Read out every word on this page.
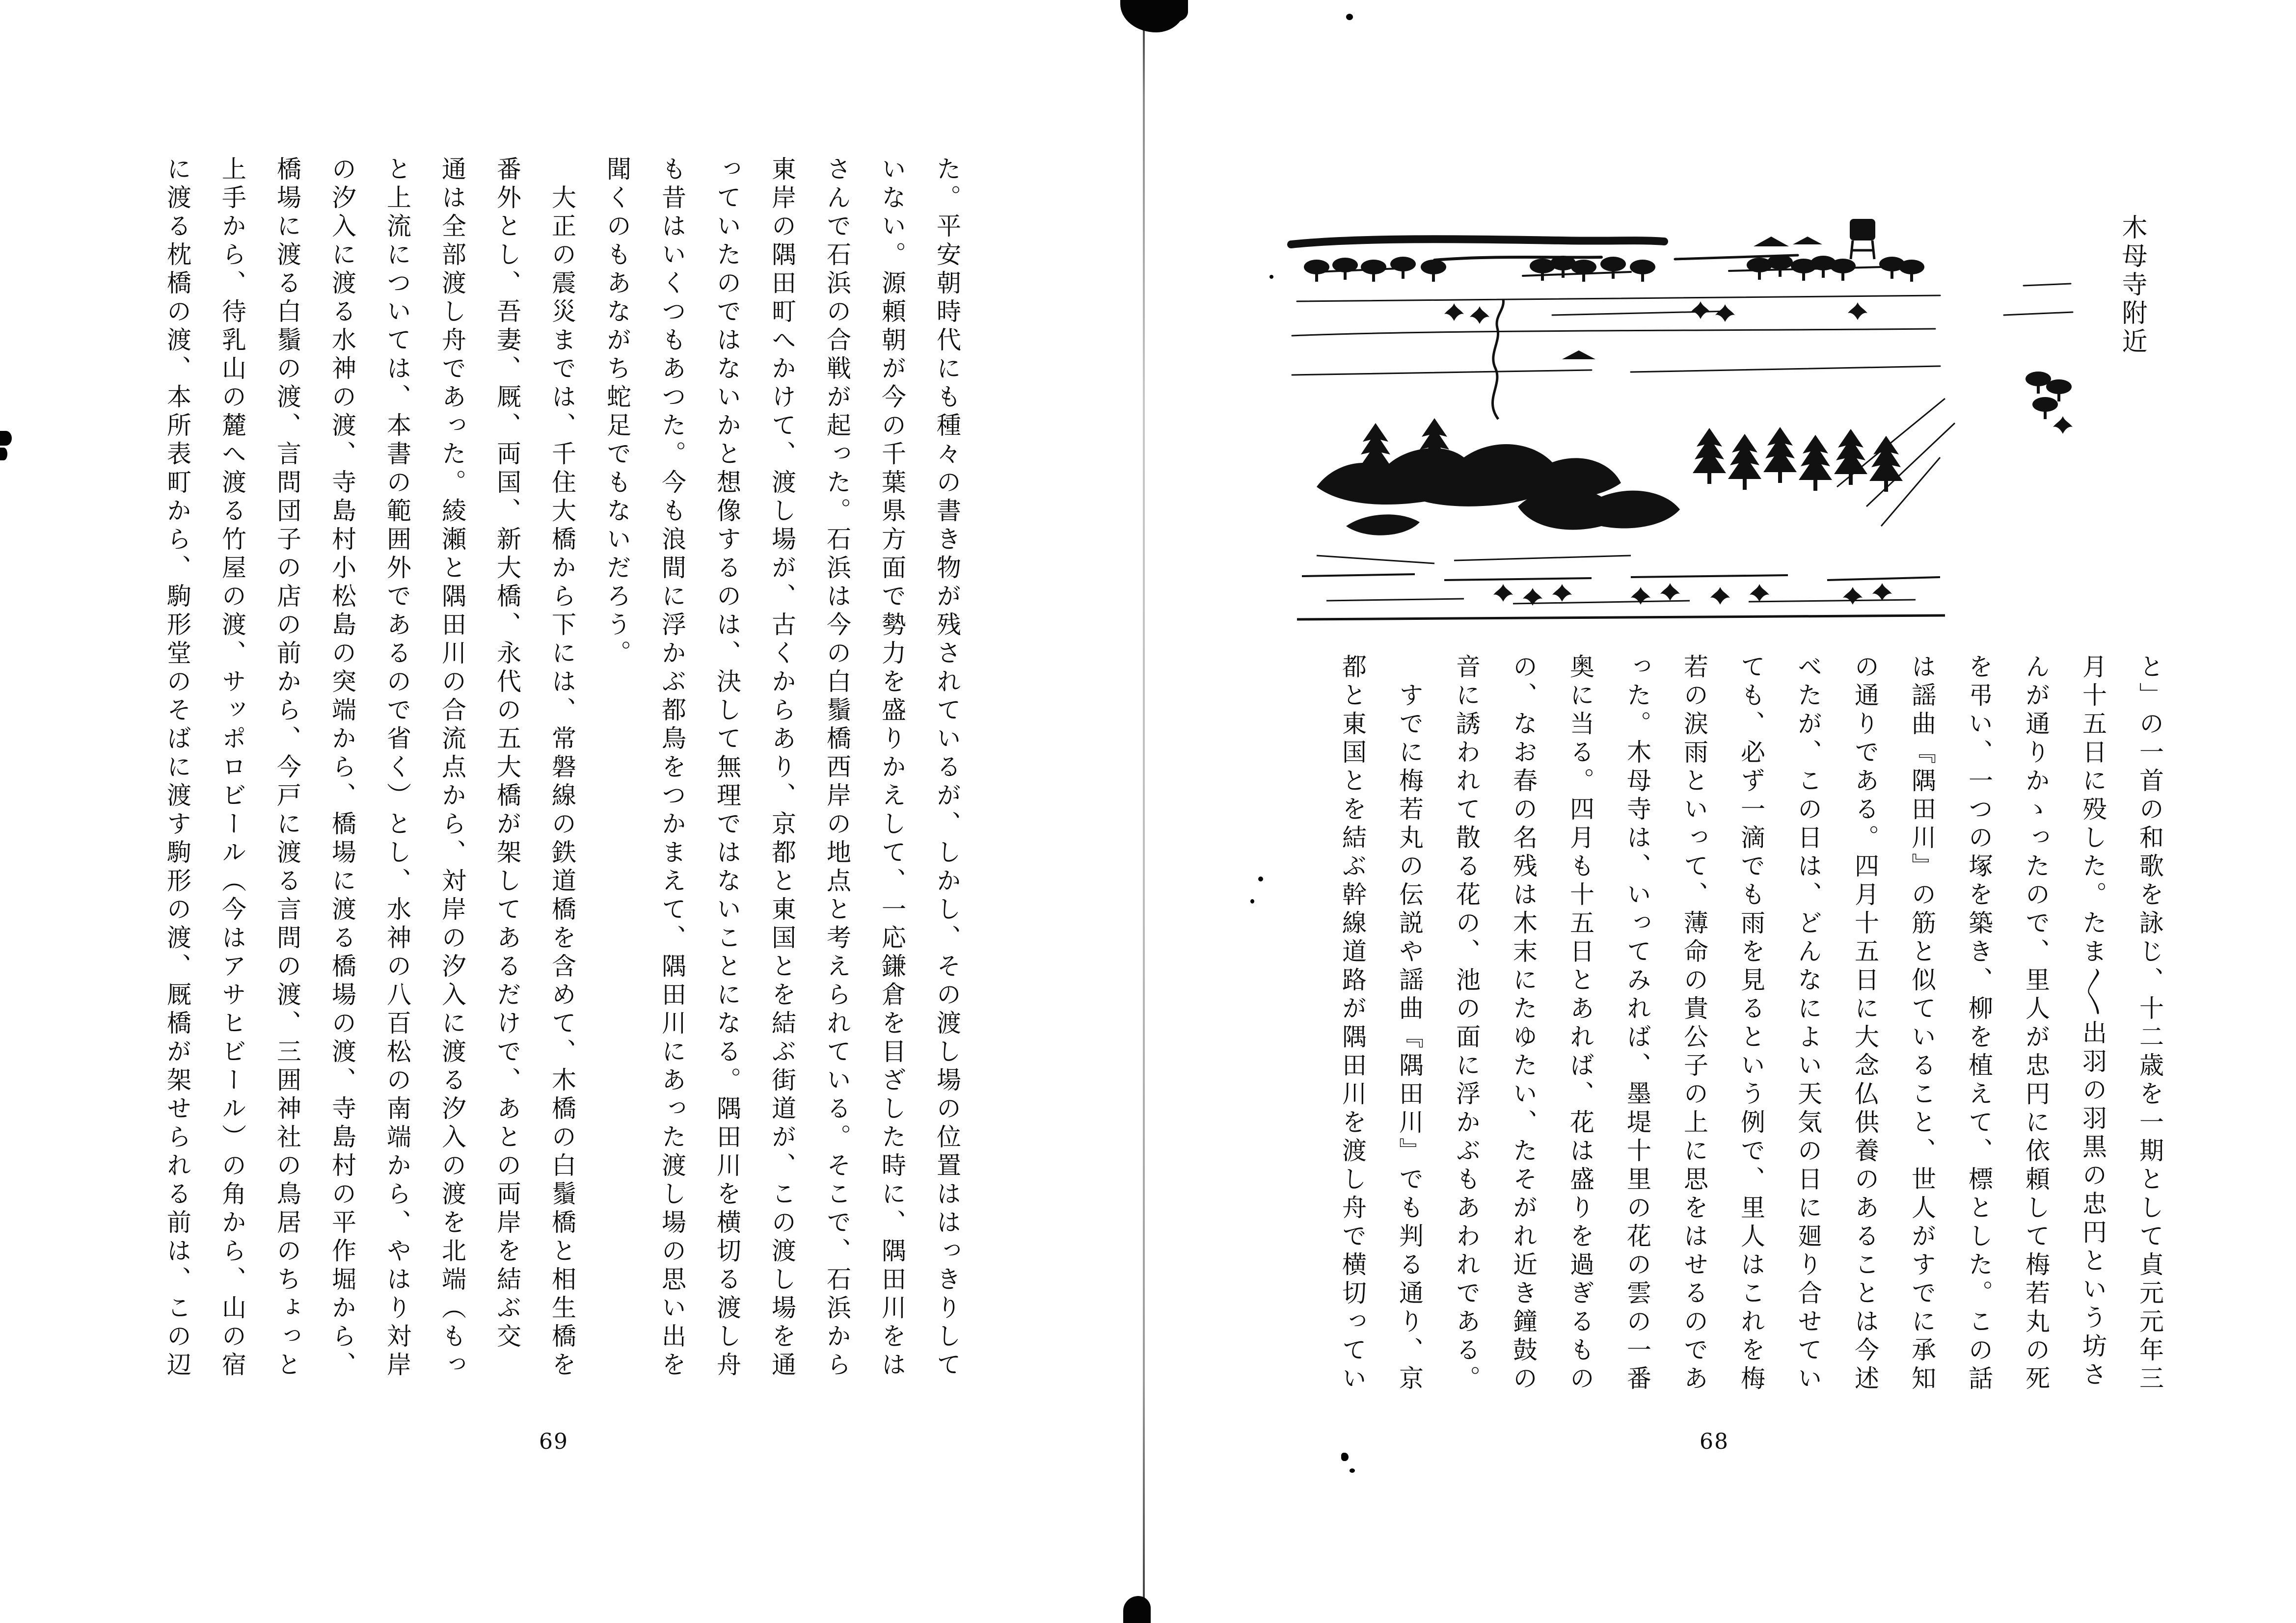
た。平安朝時代にも種々の書き物が残されているが、しかし、その渡し場の位置ははっきりして

いない。源頼朝が今の千葉県方面で勢力を盛りかえして、一応鎌倉を目ざした時に、隅田川をは

さんで石浜の合戦が起った。石浜は今の白鬚橋西岸の地点と考えられている。そこで、石浜から

東岸の隅田町へかけて、渡し場が、古くからあり、京都と東国とを結ぶ街道が、この渡し場を通

っていたのではないかと想像するのは、決して無理ではないことになる。隅田川を横切る渡し舟

も昔はいくつもあつた。今も浪間に浮かぶ都鳥をつかまえて、隅田川にあった渡し場の思い出を

聞くのもあながち蛇足でもないだろう。

　大正の震災までは、千住大橋から下には、常磐線の鉄道橋を含めて、木橋の白鬚橋と相生橋を

番外とし、吾妻、厩、両国、新大橋、永代の五大橋が架してあるだけで、あとの両岸を結ぶ交

通は全部渡し舟であった。綾瀬と隅田川の合流点から、対岸の汐入に渡る汐入の渡を北端（もっ

と上流については、本書の範囲外であるので省く）とし、水神の八百松の南端から、やはり対岸

の汐入に渡る水神の渡、寺島村小松島の突端から、橋場に渡る橋場の渡、寺島村の平作堀から、

橋場に渡る白鬚の渡、言問団子の店の前から、今戸に渡る言問の渡、三囲神社の鳥居のちょっと

上手から、待乳山の麓へ渡る竹屋の渡、サッポロビール（今はアサヒビール）の角から、山の宿

に渡る枕橋の渡、本所表町から、駒形堂のそばに渡す駒形の渡、厩橋が架せられる前は、この辺

69
木母寺附近

と」の一首の和歌を詠じ、十二歳を一期として貞元元年三

月十五日に殁した。たま〱出羽の羽黒の忠円という坊さ

んが通りかゝったので、里人が忠円に依頼して梅若丸の死

を弔い、一つの塚を築き、柳を植えて、標とした。この話

は謡曲『隅田川』の筋と似ていること、世人がすでに承知

の通りである。四月十五日に大念仏供養のあることは今述

べたが、この日は、どんなによい天気の日に廻り合せてい

ても、必ず一滴でも雨を見るという例で、里人はこれを梅

若の涙雨といって、薄命の貴公子の上に思をはせるのであ

った。木母寺は、いってみれば、墨堤十里の花の雲の一番

奥に当る。四月も十五日とあれば、花は盛りを過ぎるもの

の、なお春の名残は木末にたゆたい、たそがれ近き鐘鼓の

音に誘われて散る花の、池の面に浮かぶもあわれである。

　すでに梅若丸の伝説や謡曲『隅田川』でも判る通り、京

都と東国とを結ぶ幹線道路が隅田川を渡し舟で横切ってい

68
